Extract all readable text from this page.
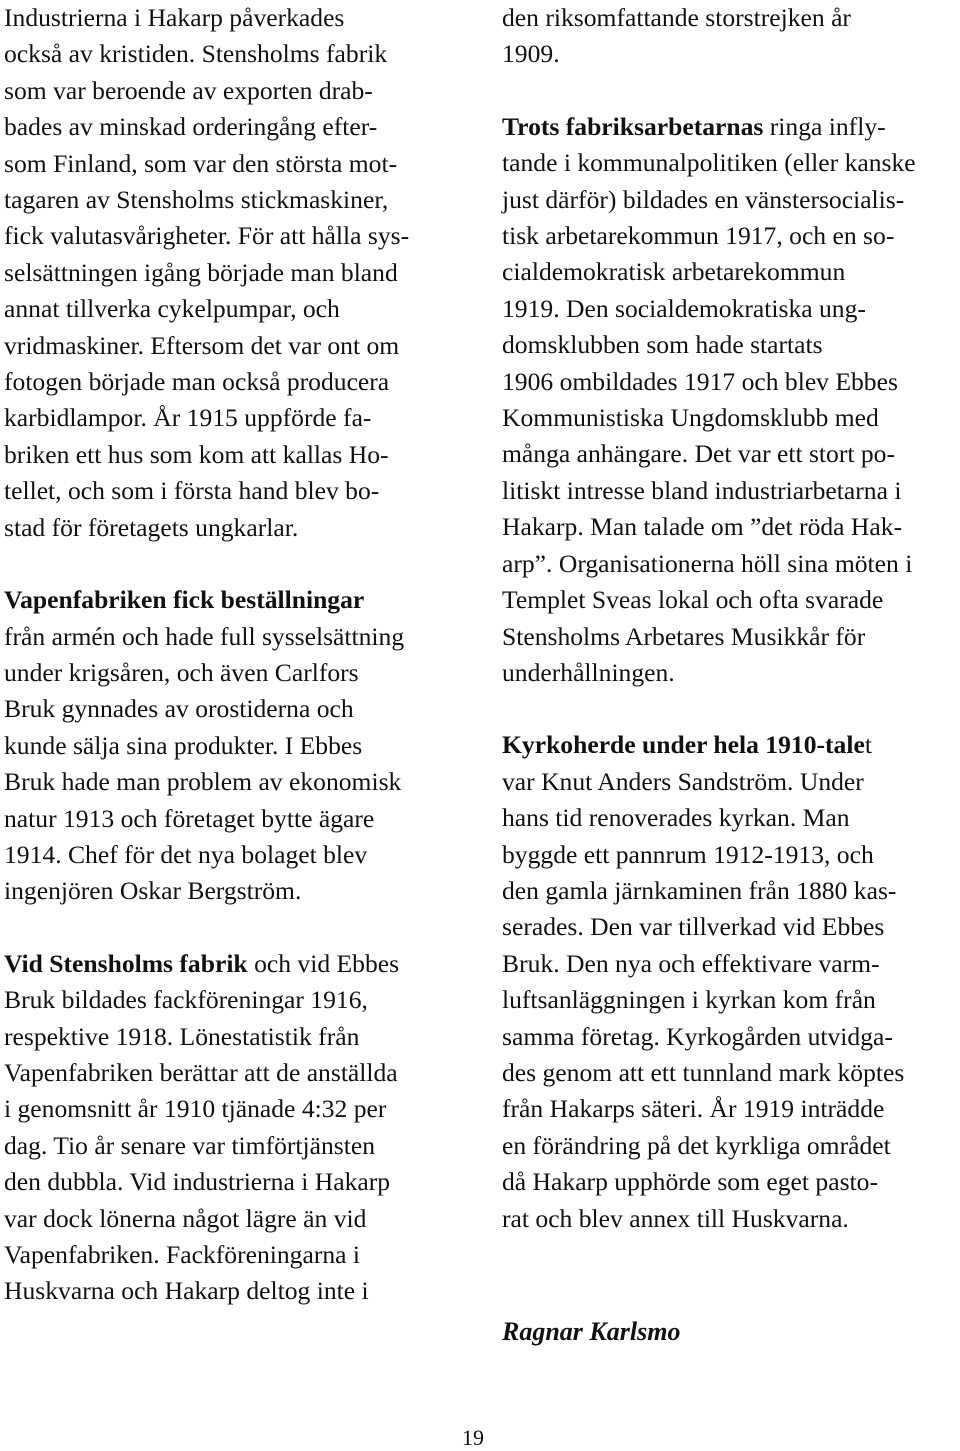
Industrierna i Hakarp påverkades
också av kristiden. Stensholms fabrik
som var beroende av exporten drab-
bades av minskad orderingång efter-
som Finland, som var den största mot-
tagaren av Stensholms stickmaskiner,
fick valutasvårigheter. För att hålla sys-
selsättningen igång började man bland
annat tillverka cykelpumpar, och
vridmaskiner. Eftersom det var ont om
fotogen började man också producera
karbidlampor. År 1915 uppförde fa-
briken ett hus som kom att kallas Ho-
tellet, och som i första hand blev bo-
stad för företagets ungkarlar.
Vapenfabriken fick beställningar
från armén och hade full sysselsättning
under krigsåren, och även Carlfors
Bruk gynnades av orostiderna och
kunde sälja sina produkter. I Ebbes
Bruk hade man problem av ekonomisk
natur 1913 och företaget bytte ägare
1914. Chef för det nya bolaget blev
ingenjören Oskar Bergström.
Vid Stensholms fabrik och vid Ebbes
Bruk bildades fackföreningar 1916,
respektive 1918. Lönestatistik från
Vapenfabriken berättar att de anställda
i genomsnitt år 1910 tjänade 4:32 per
dag. Tio år senare var timförtjänsten
den dubbla. Vid industrierna i Hakarp
var dock lönerna något lägre än vid
Vapenfabriken. Fackföreningarna i
Huskvarna och Hakarp deltog inte i
den riksomfattande storstrejken år
1909.
Trots fabriksarbetarnas ringa infly-
tande i kommunalpolitiken (eller kanske
just därför) bildades en vänstersocialis-
tisk arbetarekommun 1917, och en so-
cialdemokratisk arbetarekommun
1919. Den socialdemokratiska ung-
domsklubben som hade startats
1906 ombildades 1917 och blev Ebbes
Kommunistiska Ungdomsklubb med
många anhängare. Det var ett stort po-
litiskt intresse bland industriarbetarna i
Hakarp. Man talade om ”det röda Hak-
arp”. Organisationerna höll sina möten i
Templet Sveas lokal och ofta svarade
Stensholms Arbetares Musikkår för
underhållningen.
Kyrkoherde under hela 1910-talet
var Knut Anders Sandström. Under
hans tid renoverades kyrkan. Man
byggde ett pannrum 1912-1913, och
den gamla järnkaminen från 1880 kas-
serades. Den var tillverkad vid Ebbes
Bruk. Den nya och effektivare varm-
luftsanläggningen i kyrkan kom från
samma företag. Kyrkogården utvidga-
des genom att ett tunnland mark köptes
från Hakarps säteri. År 1919 inträdde
en förändring på det kyrkliga området
då Hakarp upphörde som eget pasto-
rat och blev annex till Huskvarna.

Ragnar Karlsmo

19
